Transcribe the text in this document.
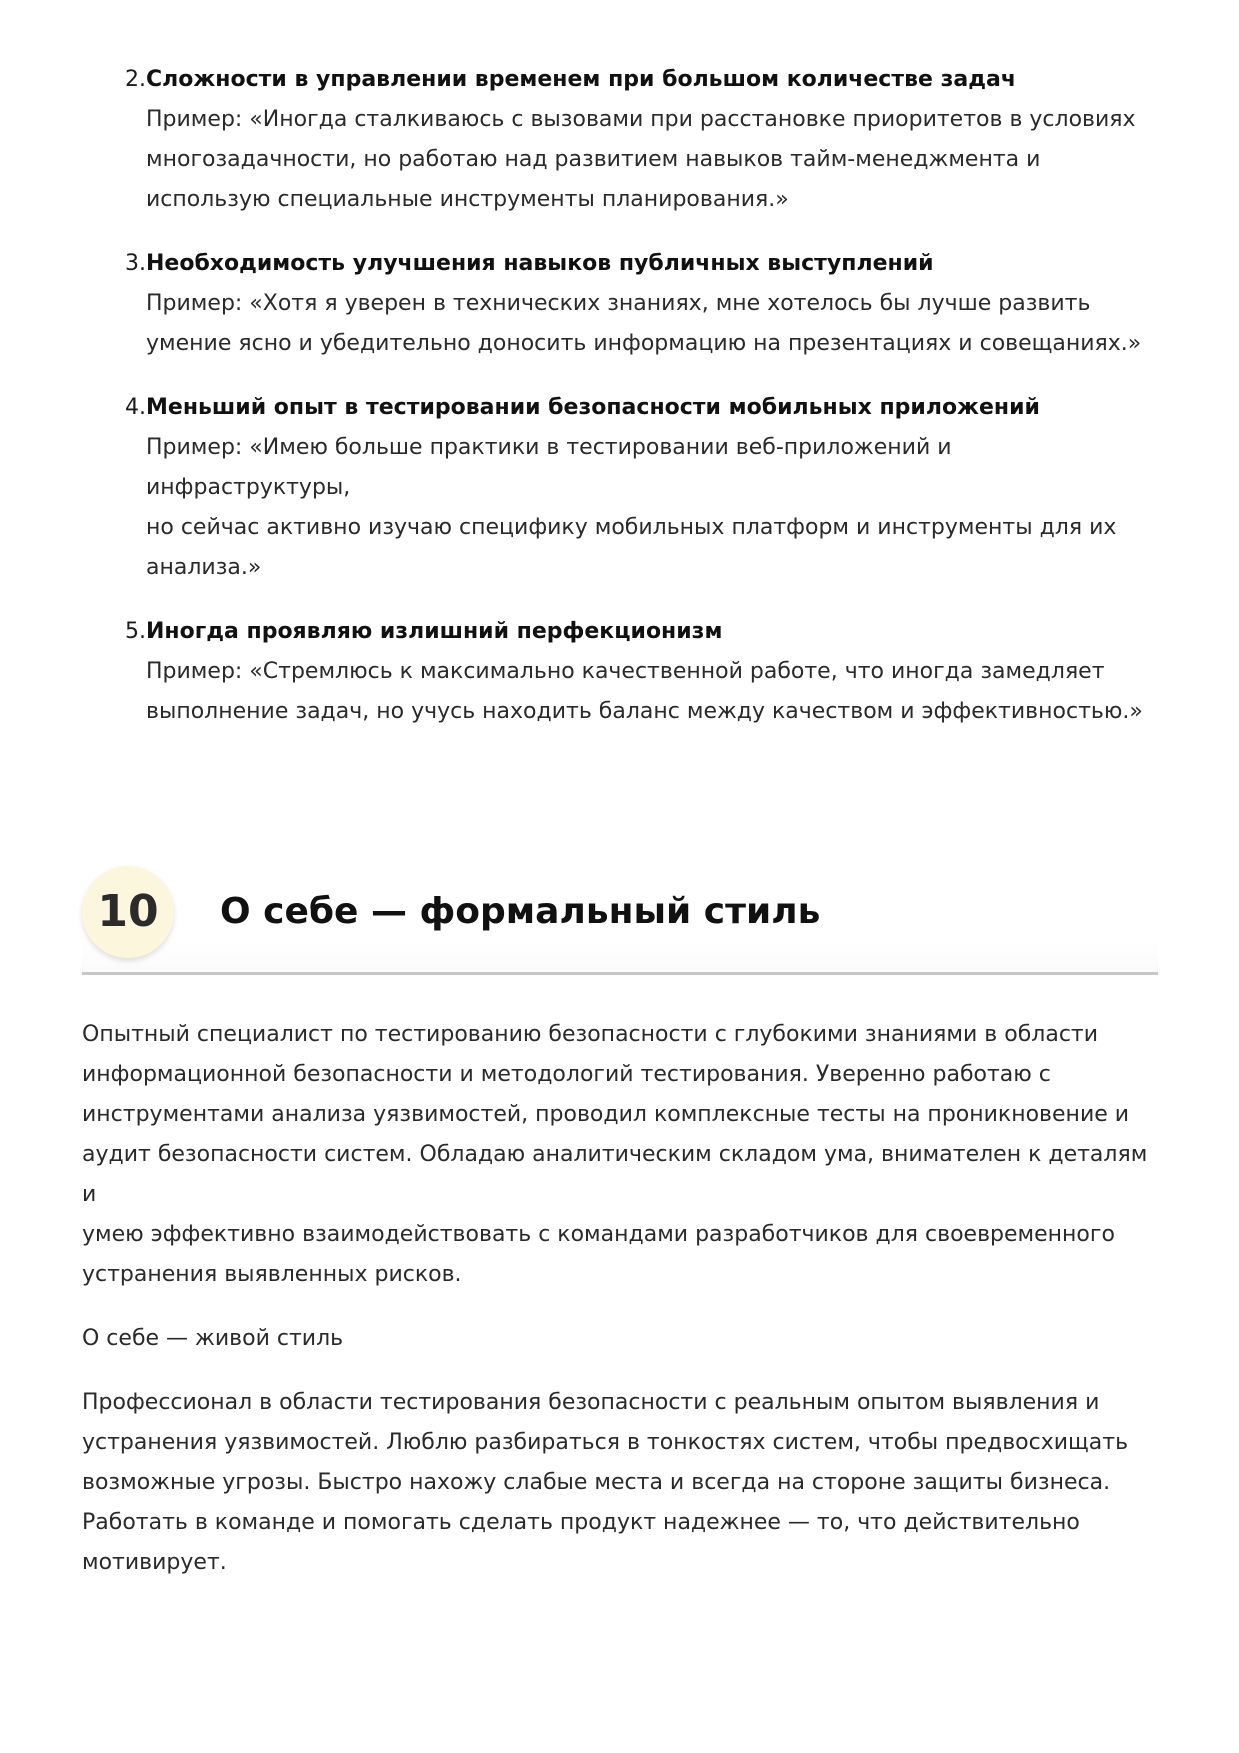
2. Сложности в управлении временем при большом количестве задач
Пример: «Иногда сталкиваюсь с вызовами при расстановке приоритетов в условиях
многозадачности, но работаю над развитием навыков тайм-менеджмента и
использую специальные инструменты планирования.»
3. Необходимость улучшения навыков публичных выступлений
Пример: «Хотя я уверен в технических знаниях, мне хотелось бы лучше развить
умение ясно и убедительно доносить информацию на презентациях и совещаниях.»
4. Меньший опыт в тестировании безопасности мобильных приложений
Пример: «Имею больше практики в тестировании веб-приложений и инфраструктуры,
но сейчас активно изучаю специфику мобильных платформ и инструменты для их
анализа.»
5. Иногда проявляю излишний перфекционизм
Пример: «Стремлюсь к максимально качественной работе, что иногда замедляет
выполнение задач, но учусь находить баланс между качеством и эффективностью.»
10	О себе — формальный стиль
Опытный специалист по тестированию безопасности с глубокими знаниями в области
информационной безопасности и методологий тестирования. Уверенно работаю с
инструментами анализа уязвимостей, проводил комплексные тесты на проникновение и
аудит безопасности систем. Обладаю аналитическим складом ума, внимателен к деталям и
умею эффективно взаимодействовать с командами разработчиков для своевременного
устранения выявленных рисков.
О себе — живой стиль
Профессионал в области тестирования безопасности с реальным опытом выявления и
устранения уязвимостей. Люблю разбираться в тонкостях систем, чтобы предвосхищать
возможные угрозы. Быстро нахожу слабые места и всегда на стороне защиты бизнеса.
Работать в команде и помогать сделать продукт надежнее — то, что действительно
мотивирует.
